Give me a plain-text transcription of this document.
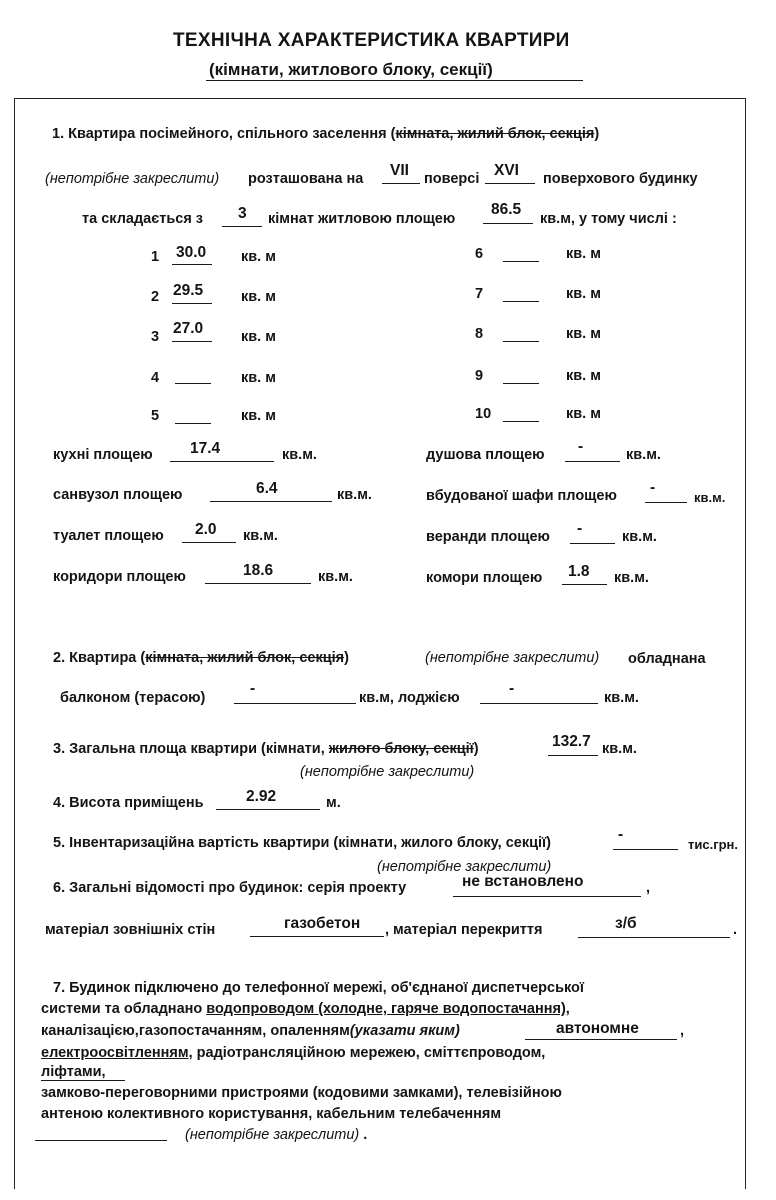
ТЕХНІЧНА ХАРАКТЕРИСТИКА КВАРТИРИ
(кімнати, житлового блоку, секції)
1. Квартира посімейного, спільного заселення (кімната, жилий блок, секція)
(непотрібне закреслити) розташована на VII поверсі XVI поверхового будинку
та складається з 3 кімнат житловою площею
86.5
кв.м, у тому числі :
1 30.0 кв. м
2 29.5	кв. м
3 27.0	кв. м
4	кв. м
5	кв. м
6	кв. м
7	кв. м
8	кв. м
9	кв. м
10	кв. м
кухні площею 17.4	кв.м.
санвузол площею	6.4	кв.м.
туалет площею 2.0 кв.м.
коридори площею	18.6	кв.м.
душова площею -	кв.м.
вбудованої шафи площею -
кв.м.
веранди площею -	кв.м.
комори площею 1.8 кв.м.
2. Квартира (кімната, жилий блок, секція)	(непотрібне закреслити) обладнана
балконом (терасою)
-
кв.м, лоджією
-
кв.м.
3. Загальна площа квартири (кімнати, жилого блоку, секції)	132.7 кв.м.
(непотрібне закреслити)
4. Висота приміщень	2.92	м.
5. Інвентаризаційна вартість квартири (кімнати, жилого блоку, секції)	-
тис.грн.
(непотрібне закреслити)
6. Загальні відомості про будинок: серія проекту	не встановлено	,
матеріал зовнішніх стін	газобетон , матеріал перекриття	з/б	.
7. Будинок підключено до телефонної мережі, об'єднаної диспетчерської
системи та обладнано водопроводом (холодне, гаряче водопостачання),
каналізацією,газопостачанням, опаленням(указати яким)	автономне	,
електроосвітленням, радіотрансляційною мережею, сміттєпроводом,
ліфтами,
замково-переговорними пристроями (кодовими замками), телевізійною
антеною колективного користування, кабельним телебаченням
(непотрібне закреслити) .
